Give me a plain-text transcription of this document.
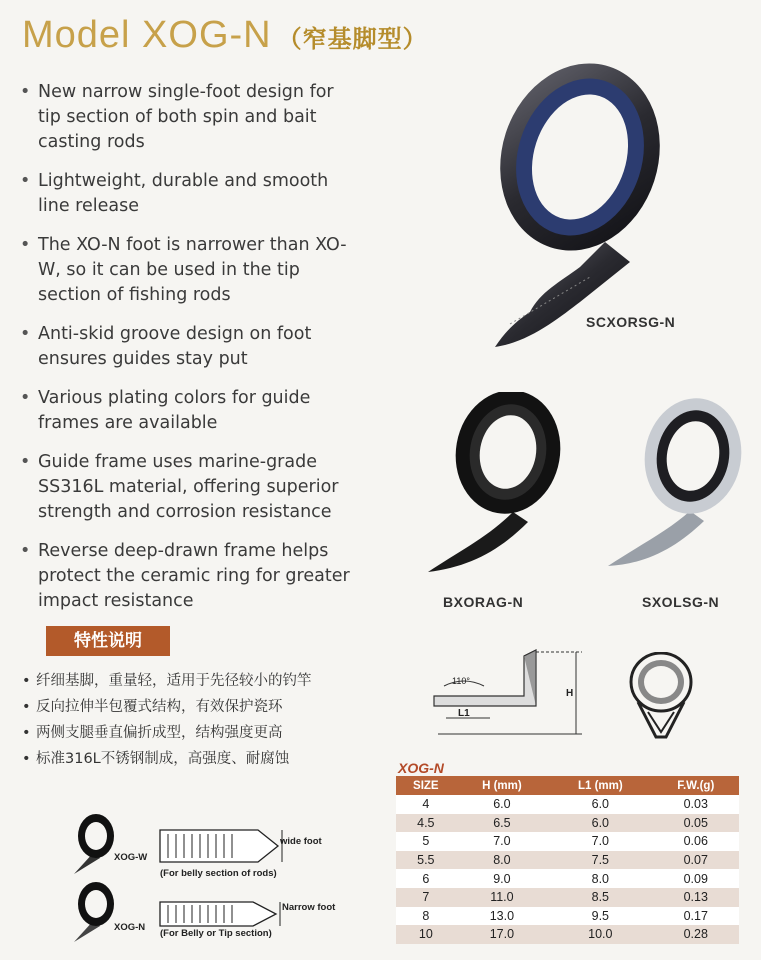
Model XOG-N （窄基脚型）
• New narrow single-foot design for tip section of both spin and bait casting rods
• Lightweight, durable and smooth line release
• The XO-N foot is narrower than XO-W, so it can be used in the tip section of fishing rods
• Anti-skid groove design on foot ensures guides stay put
• Various plating colors for guide frames are available
• Guide frame uses marine-grade SS316L material, offering superior strength and corrosion resistance
• Reverse deep-drawn frame helps protect the ceramic ring for greater impact resistance
SCXORSG-N
BXORAG-N	SXOLSG-N
特性说明
• 纤细基脚，重量轻，适用于先径较小的钓竿
• 反向拉伸半包覆式结构，有效保护瓷环
• 两侧支腿垂直偏折成型，结构强度更高
• 标准316L不锈钢制成，高强度、耐腐蚀
110°
H
L1
XOG-N
SIZE	H (mm)	L1 (mm)	F.W.(g)
4	6.0	6.0	0.03
4.5	6.5	6.0	0.05
5	7.0	7.0	0.06
5.5	8.0	7.5	0.07
6	9.0	8.0	0.09
7	11.0	8.5	0.13
8	13.0	9.5	0.17
10	17.0	10.0	0.28
XOG-W
wide foot
(For belly section of rods)
XOG-N
Narrow foot
(For Belly or Tip section)
